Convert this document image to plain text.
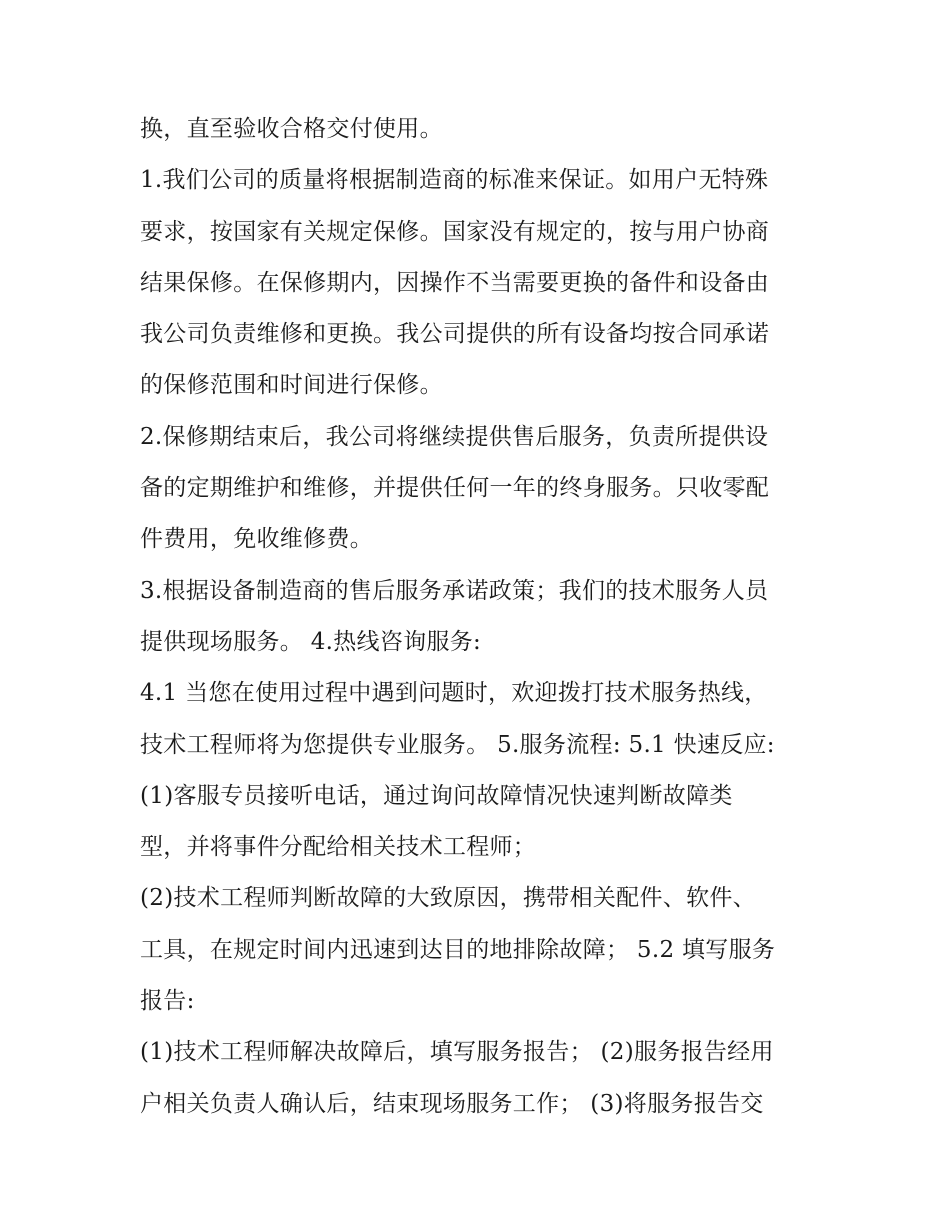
换，直至验收合格交付使用。
1.我们公司的质量将根据制造商的标准来保证。如用户无特殊
要求，按国家有关规定保修。国家没有规定的，按与用户协商
结果保修。在保修期内，因操作不当需要更换的备件和设备由
我公司负责维修和更换。我公司提供的所有设备均按合同承诺
的保修范围和时间进行保修。
2.保修期结束后，我公司将继续提供售后服务，负责所提供设
备的定期维护和维修，并提供任何一年的终身服务。只收零配
件费用，免收维修费。
3.根据设备制造商的售后服务承诺政策；我们的技术服务人员
提供现场服务。 4.热线咨询服务:
4.1 当您在使用过程中遇到问题时，欢迎拨打技术服务热线，
技术工程师将为您提供专业服务。 5.服务流程: 5.1 快速反应:
(1)客服专员接听电话，通过询问故障情况快速判断故障类
型，并将事件分配给相关技术工程师；
(2)技术工程师判断故障的大致原因，携带相关配件、软件、
工具，在规定时间内迅速到达目的地排除故障； 5.2 填写服务
报告:
(1)技术工程师解决故障后，填写服务报告； (2)服务报告经用
户相关负责人确认后，结束现场服务工作； (3)将服务报告交
